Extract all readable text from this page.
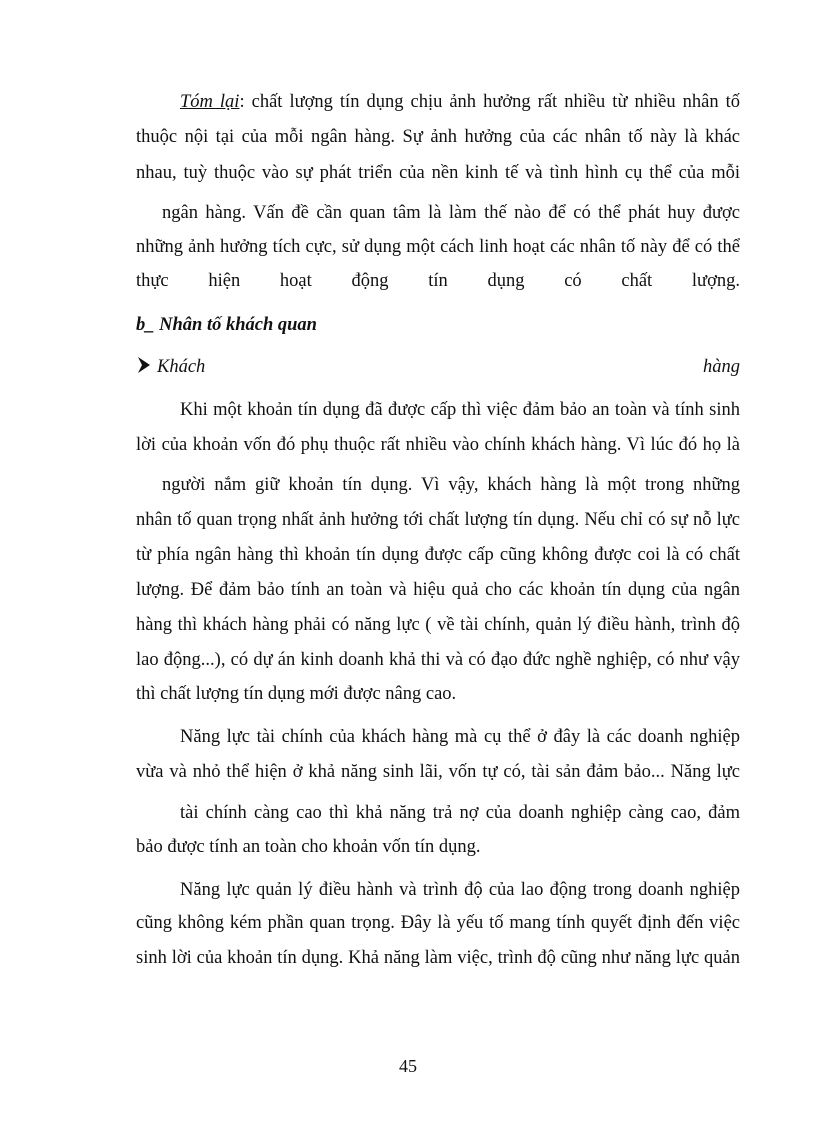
Tóm lại: chất lượng tín dụng chịu ảnh hưởng rất nhiều từ nhiều nhân tố
thuộc nội tại của mỗi ngân hàng. Sự ảnh hưởng của các nhân tố này là khác
nhau, tuỳ thuộc vào sự phát triển của nền kinh tế và tình hình cụ thể của mỗi
ngân hàng. Vấn đề cần quan tâm là làm thế nào để có thể phát huy được
những ảnh hưởng tích cực, sử dụng một cách linh hoạt các nhân tố này để có thể
thực hiện hoạt động tín dụng có chất lượng.
b_ Nhân tố khách quan
Khách	hàng
Khi một khoản tín dụng đã được cấp thì việc đảm bảo an toàn và tính sinh
lời của khoản vốn đó phụ thuộc rất nhiều vào chính khách hàng. Vì lúc đó họ là
người nắm giữ khoản tín dụng. Vì vậy, khách hàng là một trong những
nhân tố quan trọng nhất ảnh hưởng tới chất lượng tín dụng. Nếu chỉ có sự nỗ lực
từ phía ngân hàng thì khoản tín dụng được cấp cũng không được coi là có chất
lượng. Để đảm bảo tính an toàn và hiệu quả cho các khoản tín dụng của ngân
hàng thì khách hàng phải có năng lực ( về tài chính, quản lý điều hành, trình độ
lao động...), có dự án kinh doanh khả thi và có đạo đức nghề nghiệp, có như vậy
thì chất lượng tín dụng mới được nâng cao.
Năng lực tài chính của khách hàng mà cụ thể ở đây là các doanh nghiệp
vừa và nhỏ thể hiện ở khả năng sinh lãi, vốn tự có, tài sản đảm bảo... Năng lực
tài chính càng cao thì khả năng trả nợ của doanh nghiệp càng cao, đảm
bảo được tính an toàn cho khoản vốn tín dụng.
Năng lực quản lý điều hành và trình độ của lao động trong doanh nghiệp
cũng không kém phần quan trọng. Đây là yếu tố mang tính quyết định đến việc
sinh lời của khoản tín dụng. Khả năng làm việc, trình độ cũng như năng lực quản
45
